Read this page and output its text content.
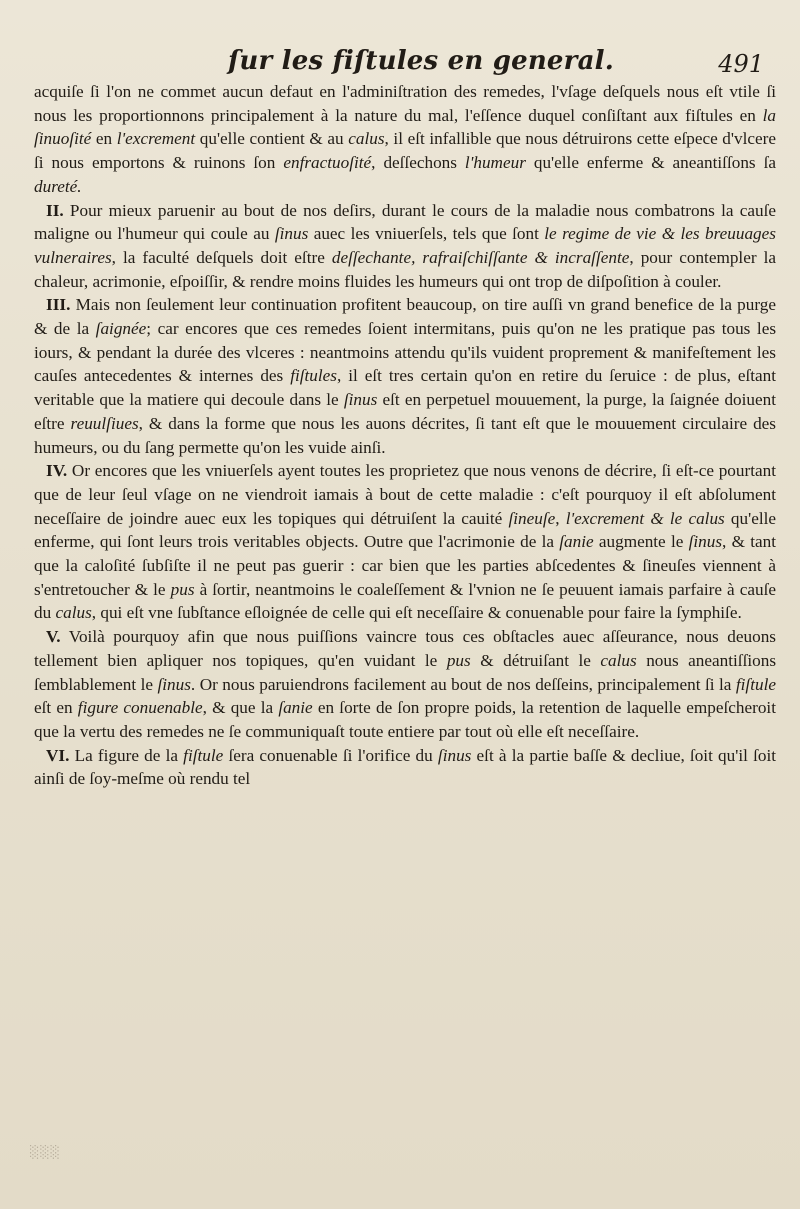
ſur les fiſtules en general.	491

acquiſe ſi l'on ne commet aucun defaut en l'adminiſtration des remedes, l'vſage deſquels nous eſt vtile ſi nous les proportionnons principalement à la nature du mal, l'eſſence duquel conſiſtant aux fiſtules en la ſinuoſité en l'excrement qu'elle contient & au calus, il eſt infallible que nous détruirons cette eſpece d'vlcere ſi nous emportons & ruinons ſon enfractuoſité, deſſechons l'humeur qu'elle enferme & aneantiſſons ſa dureté.

II. Pour mieux paruenir au bout de nos deſirs, durant le cours de la maladie nous combatrons la cauſe maligne ou l'humeur qui coule au ſinus auec les vniuerſels, tels que ſont le regime de vie & les breuuages vulneraires, la faculté deſquels doit eſtre deſſechante, rafraiſchiſſante & incraſſente, pour contempler la chaleur, acrimonie, eſpoiſſir, & rendre moins fluides les humeurs qui ont trop de diſpoſition à couler.

III. Mais non ſeulement leur continuation profitent beaucoup, on tire auſſi vn grand benefice de la purge & de la ſaignée; car encores que ces remedes ſoient intermitans, puis qu'on ne les pratique pas tous les iours, & pendant la durée des vlceres : neantmoins attendu qu'ils vuident proprement & manifeſtement les cauſes antecedentes & internes des fiſtules, il eſt tres certain qu'on en retire du ſeruice : de plus, eſtant veritable que la matiere qui decoule dans le ſinus eſt en perpetuel mouuement, la purge, la ſaignée doiuent eſtre reuulſiues, & dans la forme que nous les auons décrites, ſi tant eſt que le mouuement circulaire des humeurs, ou du ſang permette qu'on les vuide ainſi.

IV. Or encores que les vniuerſels ayent toutes les proprietez que nous venons de décrire, ſi eſt-ce pourtant que de leur ſeul vſage on ne viendroit iamais à bout de cette maladie : c'eſt pourquoy il eſt abſolument neceſſaire de joindre auec eux les topiques qui détruiſent la cauité ſineuſe, l'excrement & le calus qu'elle enferme, qui ſont leurs trois veritables objects. Outre que l'acrimonie de la ſanie augmente le ſinus, & tant que la caloſité ſubſiſte il ne peut pas guerir : car bien que les parties abſcedentes & ſineuſes viennent à s'entretoucher & le pus à ſortir, neantmoins le coaleſſement & l'vnion ne ſe peuuent iamais parfaire à cauſe du calus, qui eſt vne ſubſtance eſloignée de celle qui eſt neceſſaire & conuenable pour faire la ſymphiſe.

V. Voilà pourquoy afin que nous puiſſions vaincre tous ces obſtacles auec aſſeurance, nous deuons tellement bien apliquer nos topiques, qu'en vuidant le pus & détruiſant le calus nous aneantiſſions ſemblablement le ſinus. Or nous paruiendrons facilement au bout de nos deſſeins, principalement ſi la fiſtule eſt en figure conuenable, & que la ſanie en ſorte de ſon propre poids, la retention de laquelle empeſcheroit que la vertu des remedes ne ſe communiquaſt toute entiere par tout où elle eſt neceſſaire.

VI. La figure de la fiſtule ſera conuenable ſi l'orifice du ſinus eſt à la partie baſſe & decliue, ſoit qu'il ſoit ainſi de ſoy-meſme où rendu tel

░░░
